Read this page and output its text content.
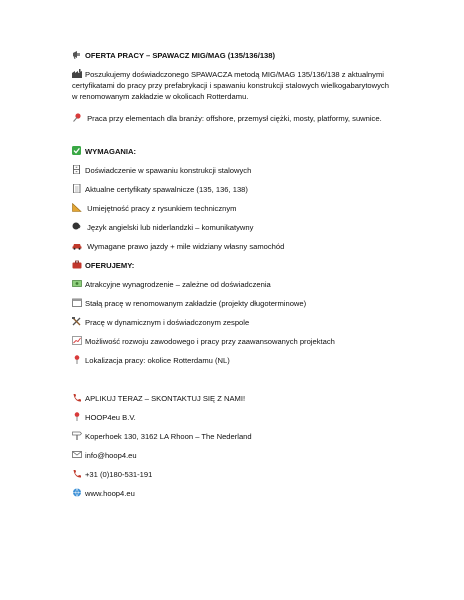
OFERTA PRACY – SPAWACZ MIG/MAG (135/136/138)
Poszukujemy doświadczonego SPAWACZA metodą MIG/MAG 135/136/138 z aktualnymi certyfikatami do pracy przy prefabrykacji i spawaniu konstrukcji stalowych wielkogabarytowych w renomowanym zakładzie w okolicach Rotterdamu.
Praca przy elementach dla branży: offshore, przemysł ciężki, mosty, platformy, suwnice.
WYMAGANIA:
Doświadczenie w spawaniu konstrukcji stalowych
Aktualne certyfikaty spawalnicze (135, 136, 138)
Umiejętność pracy z rysunkiem technicznym
Język angielski lub niderlandzki – komunikatywny
Wymagane prawo jazdy + mile widziany własny samochód
OFERUJEMY:
Atrakcyjne wynagrodzenie – zależne od doświadczenia
Stałą pracę w renomowanym zakładzie (projekty długoterminowe)
Pracę w dynamicznym i doświadczonym zespole
Możliwość rozwoju zawodowego i pracy przy zaawansowanych projektach
Lokalizacja pracy: okolice Rotterdamu (NL)
APLIKUJ TERAZ – SKONTAKTUJ SIĘ Z NAMI!
HOOP4eu B.V.
Koperhoek 130, 3162 LA Rhoon – The Nederland
info@hoop4.eu
+31 (0)180-531-191
www.hoop4.eu
